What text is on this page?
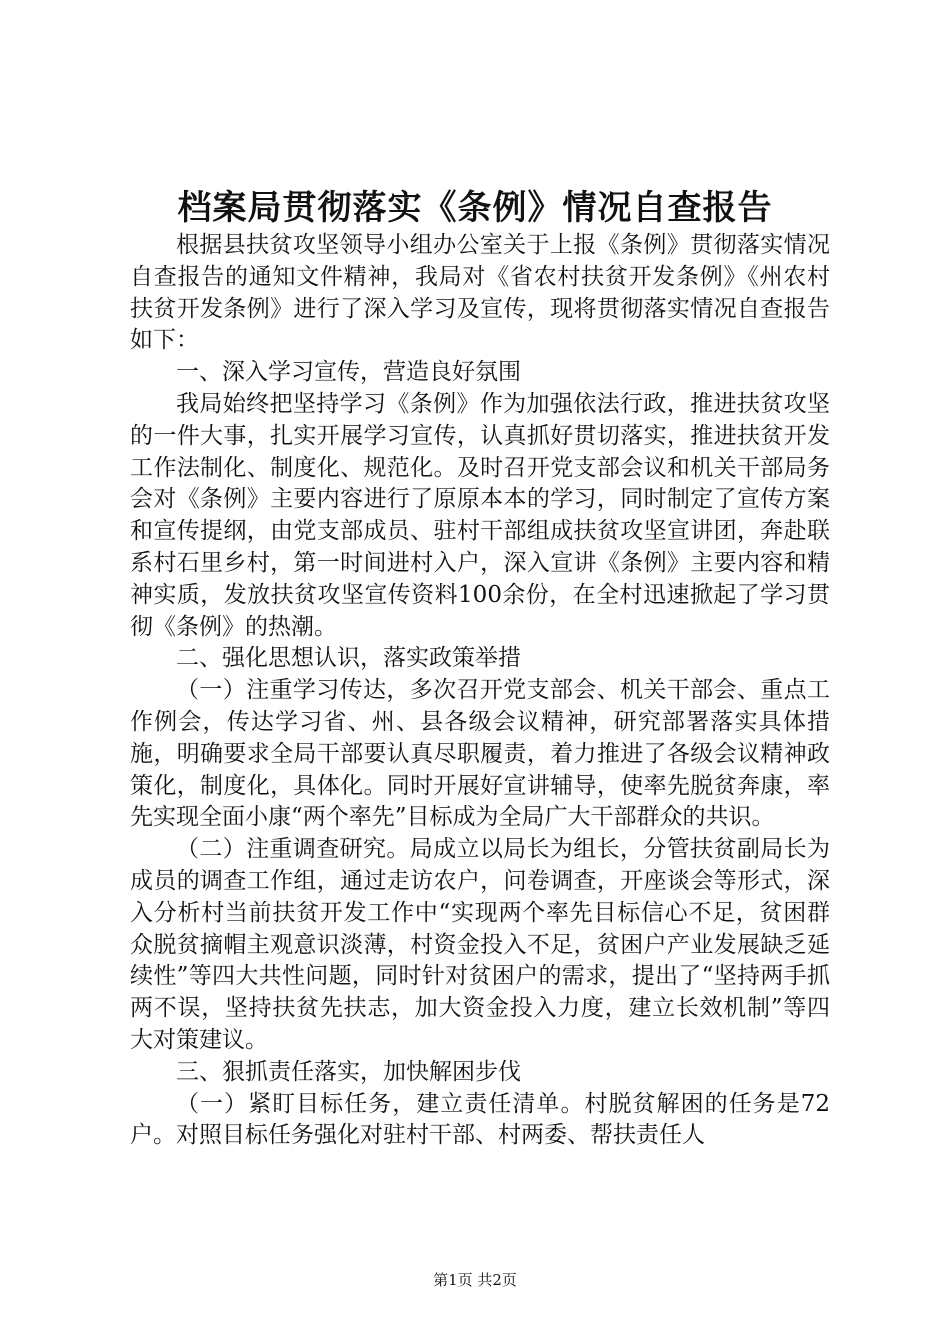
档案局贯彻落实《条例》情况自查报告

根据县扶贫攻坚领导小组办公室关于上报《条例》贯彻落实情况自查报告的通知文件精神，我局对《省农村扶贫开发条例》《州农村扶贫开发条例》进行了深入学习及宣传，现将贯彻落实情况自查报告如下：

一、深入学习宣传，营造良好氛围

我局始终把坚持学习《条例》作为加强依法行政，推进扶贫攻坚的一件大事，扎实开展学习宣传，认真抓好贯切落实，推进扶贫开发工作法制化、制度化、规范化。及时召开党支部会议和机关干部局务会对《条例》主要内容进行了原原本本的学习，同时制定了宣传方案和宣传提纲，由党支部成员、驻村干部组成扶贫攻坚宣讲团，奔赴联系村石里乡村，第一时间进村入户，深入宣讲《条例》主要内容和精神实质，发放扶贫攻坚宣传资料100余份，在全村迅速掀起了学习贯彻《条例》的热潮。

二、强化思想认识，落实政策举措

（一）注重学习传达，多次召开党支部会、机关干部会、重点工作例会，传达学习省、州、县各级会议精神，研究部署落实具体措施，明确要求全局干部要认真尽职履责，着力推进了各级会议精神政策化，制度化，具体化。同时开展好宣讲辅导，使率先脱贫奔康，率先实现全面小康“两个率先”目标成为全局广大干部群众的共识。

（二）注重调查研究。局成立以局长为组长，分管扶贫副局长为成员的调查工作组，通过走访农户，问卷调查，开座谈会等形式，深入分析村当前扶贫开发工作中“实现两个率先目标信心不足，贫困群众脱贫摘帽主观意识淡薄，村资金投入不足，贫困户产业发展缺乏延续性”等四大共性问题，同时针对贫困户的需求，提出了“坚持两手抓两不误，坚持扶贫先扶志，加大资金投入力度，建立长效机制”等四大对策建议。

三、狠抓责任落实，加快解困步伐

（一）紧盯目标任务，建立责任清单。村脱贫解困的任务是72户。对照目标任务强化对驻村干部、村两委、帮扶责任人

第1页 共2页
